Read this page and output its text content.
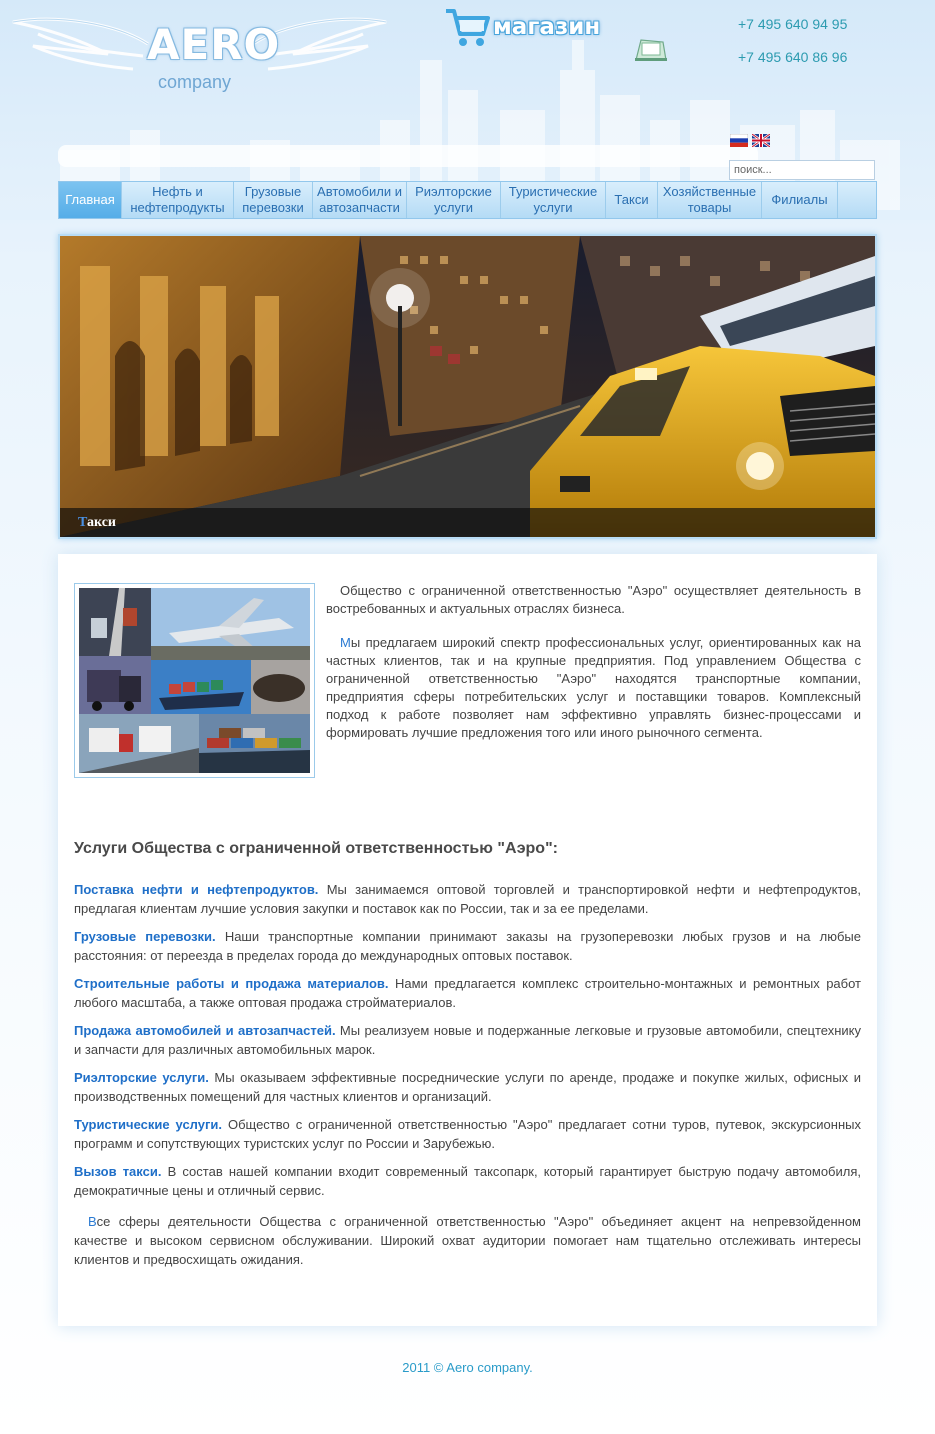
AERO
company
магазин	+7 495 640 94 95
+7 495 640 86 96
поиск...
Главная
Нефть и нефтепродукты
Грузовые перевозки
Автомобили и автозапчасти
Риэлторские услуги
Туристические услуги
Такси
Хозяйственные товары
Филиалы
Такси

Общество с ограниченной ответственностью "Аэро" осуществляет деятельность в востребованных и актуальных отраслях бизнеса.

Мы предлагаем широкий спектр профессиональных услуг, ориентированных как на частных клиентов, так и на крупные предприятия. Под управлением Общества с ограниченной ответственностью "Аэро" находятся транспортные компании, предприятия сферы потребительских услуг и поставщики товаров. Комплексный подход к работе позволяет нам эффективно управлять бизнес-процессами и формировать лучшие предложения того или иного рыночного сегмента.

Услуги Общества с ограниченной ответственностью "Аэро":

Поставка нефти и нефтепродуктов. Мы занимаемся оптовой торговлей и транспортировкой нефти и нефтепродуктов, предлагая клиентам лучшие условия закупки и поставок как по России, так и за ее пределами.

Грузовые перевозки. Наши транспортные компании принимают заказы на грузоперевозки любых грузов и на любые расстояния: от переезда в пределах города до международных оптовых поставок.

Строительные работы и продажа материалов. Нами предлагается комплекс строительно-монтажных и ремонтных работ любого масштаба, а также оптовая продажа стройматериалов.

Продажа автомобилей и автозапчастей. Мы реализуем новые и подержанные легковые и грузовые автомобили, спецтехнику и запчасти для различных автомобильных марок.

Риэлторские услуги. Мы оказываем эффективные посреднические услуги по аренде, продаже и покупке жилых, офисных и производственных помещений для частных клиентов и организаций.

Туристические услуги. Общество с ограниченной ответственностью "Аэро" предлагает сотни туров, путевок, экскурсионных программ и сопутствующих туристских услуг по России и Зарубежью.

Вызов такси. В состав нашей компании входит современный таксопарк, который гарантирует быструю подачу автомобиля, демократичные цены и отличный сервис.

Все сферы деятельности Общества с ограниченной ответственностью "Аэро" объединяет акцент на непревзойденном качестве и высоком сервисном обслуживании. Широкий охват аудитории помогает нам тщательно отслеживать интересы клиентов и предвосхищать ожидания.

2011 © Aero company.
